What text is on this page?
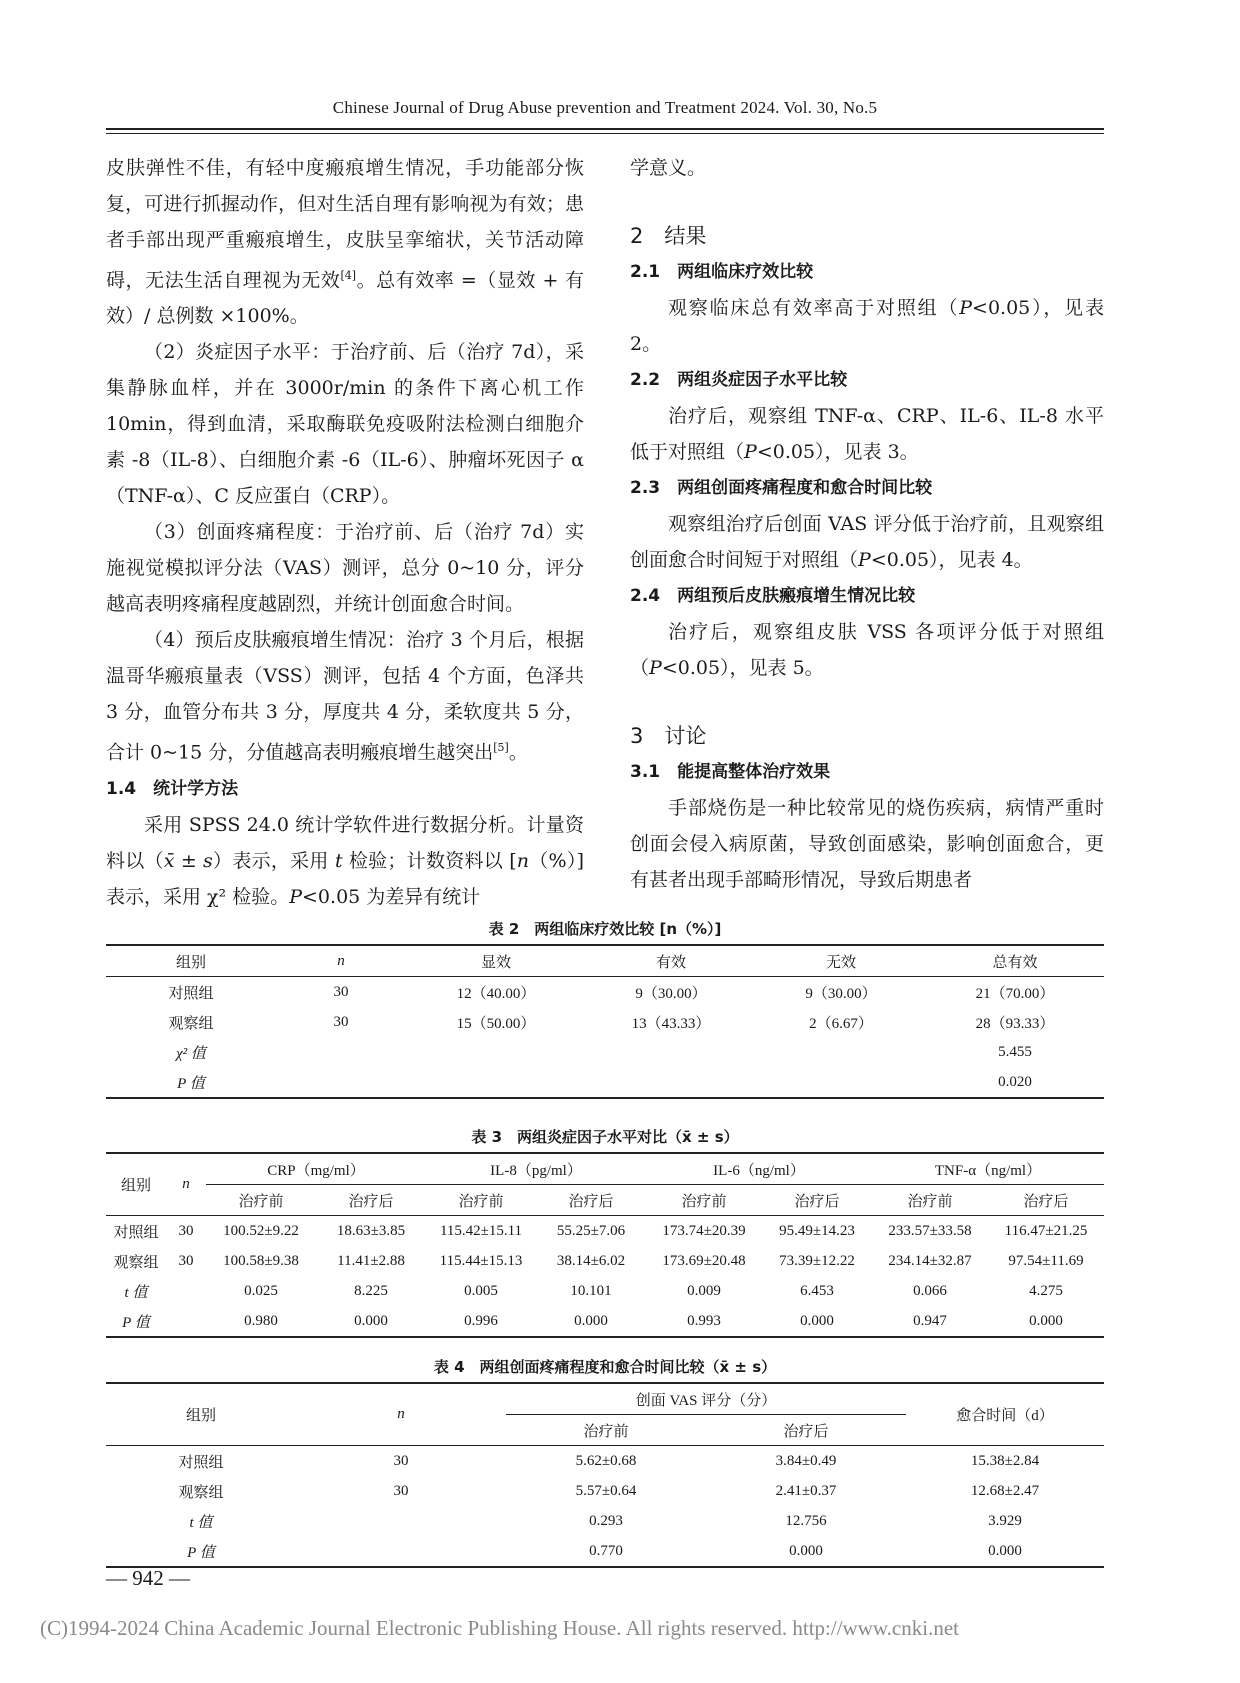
Chinese Journal of Drug Abuse prevention and Treatment 2024. Vol. 30, No.5

皮肤弹性不佳，有轻中度瘢痕增生情况，手功能部分恢复，可进行抓握动作，但对生活自理有影响视为有效；患者手部出现严重瘢痕增生，皮肤呈挛缩状，关节活动障碍，无法生活自理视为无效[4]。总有效率 =（显效 + 有效）/ 总例数 ×100%。

（2）炎症因子水平：于治疗前、后（治疗 7d），采集静脉血样，并在 3000r/min 的条件下离心机工作 10min，得到血清，采取酶联免疫吸附法检测白细胞介素 -8（IL-8）、白细胞介素 -6（IL-6）、肿瘤坏死因子 α（TNF-α）、C 反应蛋白（CRP）。

（3）创面疼痛程度：于治疗前、后（治疗 7d）实施视觉模拟评分法（VAS）测评，总分 0~10 分，评分越高表明疼痛程度越剧烈，并统计创面愈合时间。

（4）预后皮肤瘢痕增生情况：治疗 3 个月后，根据温哥华瘢痕量表（VSS）测评，包括 4 个方面，色泽共 3 分，血管分布共 3 分，厚度共 4 分，柔软度共 5 分，合计 0~15 分，分值越高表明瘢痕增生越突出[5]。

1.4　统计学方法

采用 SPSS 24.0 统计学软件进行数据分析。计量资料以（x̄ ± s）表示，采用 t 检验；计数资料以 [n（%）] 表示，采用 χ² 检验。P<0.05 为差异有统计

学意义。

2　结果

2.1　两组临床疗效比较

观察临床总有效率高于对照组（P<0.05），见表 2。

2.2　两组炎症因子水平比较

治疗后，观察组 TNF-α、CRP、IL-6、IL-8 水平低于对照组（P<0.05），见表 3。

2.3　两组创面疼痛程度和愈合时间比较

观察组治疗后创面 VAS 评分低于治疗前，且观察组创面愈合时间短于对照组（P<0.05），见表 4。

2.4　两组预后皮肤瘢痕增生情况比较

治疗后，观察组皮肤 VSS 各项评分低于对照组（P<0.05），见表 5。

3　讨论

3.1　能提高整体治疗效果

手部烧伤是一种比较常见的烧伤疾病，病情严重时创面会侵入病原菌，导致创面感染，影响创面愈合，更有甚者出现手部畸形情况，导致后期患者

表 2　两组临床疗效比较 [n（%）]
组别	n	显效	有效	无效	总有效
对照组	30	12（40.00）	9（30.00）	9（30.00）	21（70.00）
观察组	30	15（50.00）	13（43.33）	2（6.67）	28（93.33）
χ² 值					5.455
P 值					0.020
表 3　两组炎症因子水平对比（x̄ ± s）
组别	n	CRP（mg/ml）		IL-8（pg/ml）		IL-6（ng/ml）		TNF-α（ng/ml）	
		治疗前	治疗后	治疗前	治疗后	治疗前	治疗后	治疗前	治疗后
对照组	30	100.52±9.22	18.63±3.85	115.42±15.11	55.25±7.06	173.74±20.39	95.49±14.23	233.57±33.58	116.47±21.25
观察组	30	100.58±9.38	11.41±2.88	115.44±15.13	38.14±6.02	173.69±20.48	73.39±12.22	234.14±32.87	97.54±11.69
t 值		0.025	8.225	0.005	10.101	0.009	6.453	0.066	4.275
P 值		0.980	0.000	0.996	0.000	0.993	0.000	0.947	0.000
表 4　两组创面疼痛程度和愈合时间比较（x̄ ± s）
组别	n	创面 VAS 评分（分）		愈合时间（d）
		治疗前	治疗后	
对照组	30	5.62±0.68	3.84±0.49	15.38±2.84
观察组	30	5.57±0.64	2.41±0.37	12.68±2.47
t 值		0.293	12.756	3.929
P 值		0.770	0.000	0.000
— 942 —
(C)1994-2024 China Academic Journal Electronic Publishing House. All rights reserved. http://www.cnki.net
